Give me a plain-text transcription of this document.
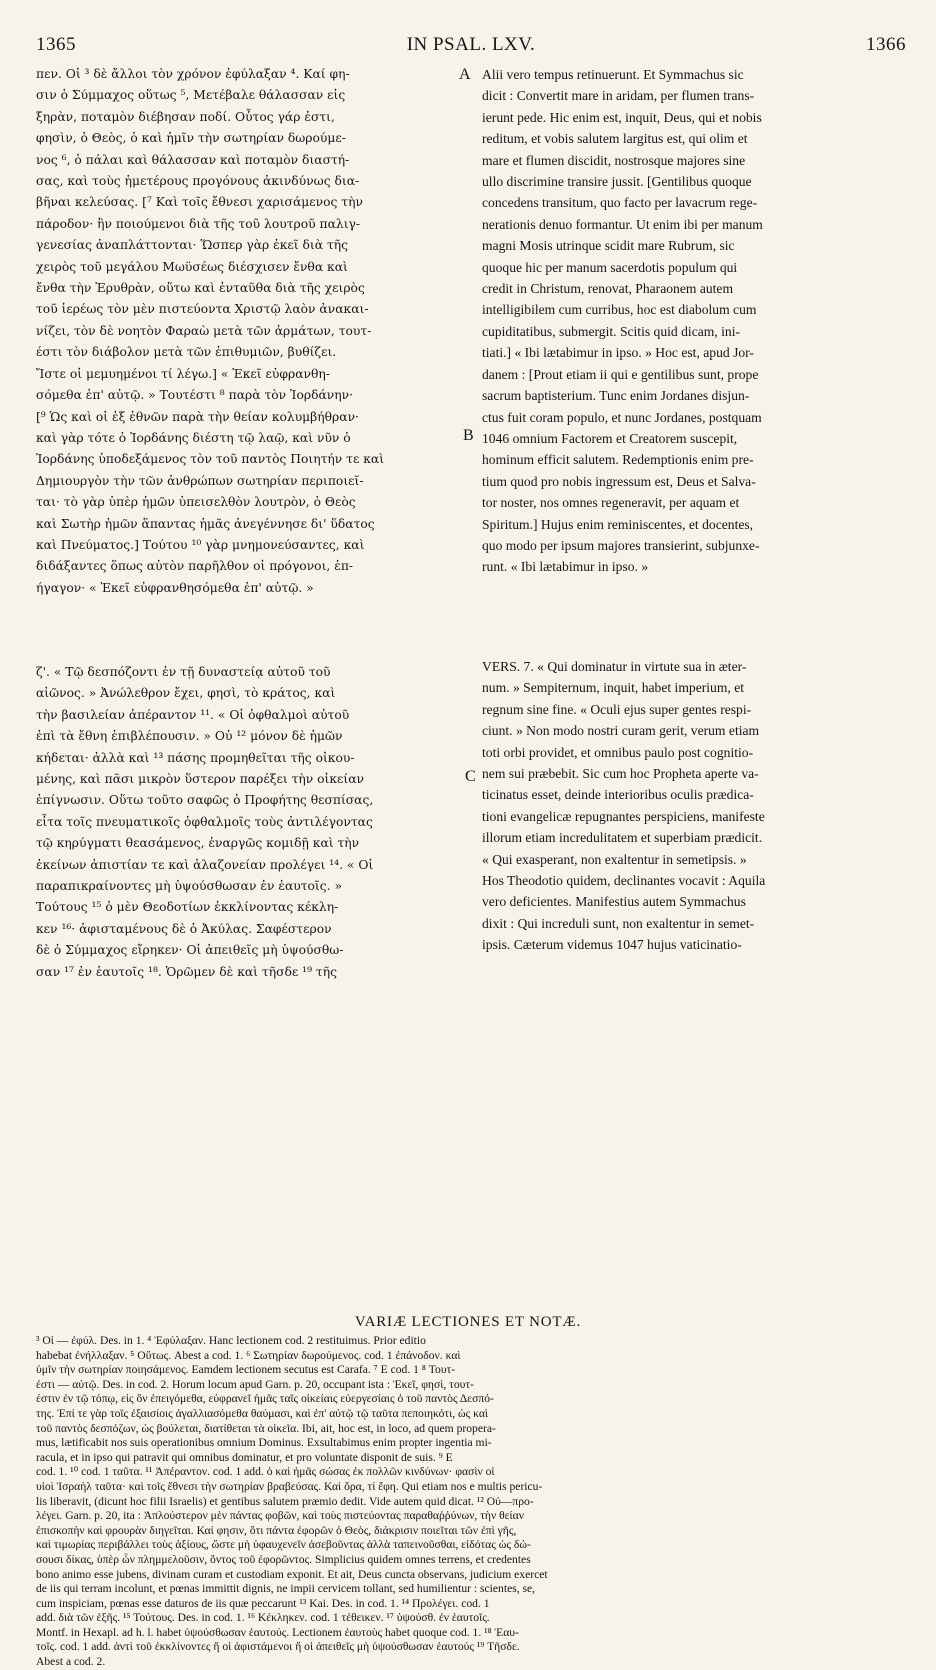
1365	IN PSAL. LXV.	1366
πεν. Οἱ ³ δὲ ἄλλοι τὸν χρόνον ἐφύλαξαν ⁴. Καί φη-
σιν ὁ Σύμμαχος οὕτως ⁵, Μετέβαλε θάλασσαν εἰς
ξηρὰν, ποταμὸν διέβησαν ποδί. Οὗτος γάρ ἐστι,
φησὶν, ὁ Θεὸς, ὁ καὶ ἡμῖν τὴν σωτηρίαν δωρούμε-
νος ⁶, ὁ πάλαι καὶ θάλασσαν καὶ ποταμὸν διαστή-
σας, καὶ τοὺς ἡμετέρους προγόνους ἀκινδύνως δια-
βῆναι κελεύσας. [⁷ Καὶ τοῖς ἔθνεσι χαρισάμενος τὴν
πάροδον· ἣν ποιούμενοι διὰ τῆς τοῦ λουτροῦ παλιγ-
γενεσίας ἀναπλάττονται· Ὥσπερ γὰρ ἐκεῖ διὰ τῆς
χειρὸς τοῦ μεγάλου Μωϋσέως διέσχισεν ἔνθα καὶ
ἔνθα τὴν Ἐρυθρὰν, οὕτω καὶ ἐνταῦθα διὰ τῆς χειρὸς
τοῦ ἱερέως τὸν μὲν πιστεύοντα Χριστῷ λαὸν ἀνακαι-
νίζει, τὸν δὲ νοητὸν Φαραὼ μετὰ τῶν ἁρμάτων, τουτ-
έστι τὸν διάβολον μετὰ τῶν ἐπιθυμιῶν, βυθίζει.
Ἴστε οἱ μεμυημένοι τί λέγω.] « Ἐκεῖ εὐφρανθη-
σόμεθα ἐπ' αὐτῷ. » Τουτέστι ⁸ παρὰ τὸν Ἰορδάνην·
[⁹ Ὡς καὶ οἱ ἐξ ἐθνῶν παρὰ τὴν θείαν κολυμβήθραν·
καὶ γὰρ τότε ὁ Ἰορδάνης διέστη τῷ λαῷ, καὶ νῦν ὁ
Ἰορδάνης ὑποδεξάμενος τὸν τοῦ παντὸς Ποιητήν τε καὶ
Δημιουργὸν τὴν τῶν ἀνθρώπων σωτηρίαν περιποιεῖ-
ται· τὸ γὰρ ὑπὲρ ἡμῶν ὑπεισελθὸν λουτρὸν, ὁ Θεὸς
καὶ Σωτὴρ ἡμῶν ἅπαντας ἡμᾶς ἀνεγέννησε δι' ὕδατος
καὶ Πνεύματος.] Τούτου ¹⁰ γὰρ μνημονεύσαντες, καὶ
διδάξαντες ὅπως αὐτὸν παρῆλθον οἱ πρόγονοι, ἐπ-
ήγαγον· « Ἐκεῖ εὐφρανθησόμεθα ἐπ' αὐτῷ. »
Alii vero tempus retinuerunt. Et Symmachus sic
dicit : Convertit mare in aridam, per flumen trans-
ierunt pede. Hic enim est, inquit, Deus, qui et nobis
reditum, et vobis salutem largitus est, qui olim et
mare et flumen discidit, nostrosque majores sine
ullo discrimine transire jussit. [Gentilibus quoque
concedens transitum, quo facto per lavacrum rege-
nerationis denuo formantur. Ut enim ibi per manum
magni Mosis utrinque scidit mare Rubrum, sic
quoque hic per manum sacerdotis populum qui
credit in Christum, renovat, Pharaonem autem
intelligibilem cum curribus, hoc est diabolum cum
cupiditatibus, submergit. Scitis quid dicam, ini-
tiati.] « Ibi lætabimur in ipso. » Hoc est, apud Jor-
danem : [Prout etiam ii qui e gentilibus sunt, prope
sacrum baptisterium. Tunc enim Jordanes disjun-
ctus fuit coram populo, et nunc Jordanes, postquam
1046 omnium Factorem et Creatorem suscepit,
hominum efficit salutem. Redemptionis enim pre-
tium quod pro nobis ingressum est, Deus et Salva-
tor noster, nos omnes regeneravit, per aquam et
Spiritum.] Hujus enim reminiscentes, et docentes,
quo modo per ipsum majores transierint, subjunxe-
runt. « Ibi lætabimur in ipso. »
A
B
C
ζ'. « Τῷ δεσπόζοντι ἐν τῇ δυναστείᾳ αὐτοῦ τοῦ
αἰῶνος. » Ἀνώλεθρον ἔχει, φησὶ, τὸ κράτος, καὶ
τὴν βασιλείαν ἀπέραντον ¹¹. « Οἱ ὀφθαλμοὶ αὐτοῦ
ἐπὶ τὰ ἔθνη ἐπιβλέπουσιν. » Οὐ ¹² μόνον δὲ ἡμῶν
κήδεται· ἀλλὰ καὶ ¹³ πάσης προμηθεῖται τῆς οἰκου-
μένης, καὶ πᾶσι μικρὸν ὕστερον παρέξει τὴν οἰκείαν
ἐπίγνωσιν. Οὕτω τοῦτο σαφῶς ὁ Προφήτης θεσπίσας,
εἶτα τοῖς πνευματικοῖς ὀφθαλμοῖς τοὺς ἀντιλέγοντας
τῷ κηρύγματι θεασάμενος, ἐναργῶς κομιδῇ καὶ τὴν
ἐκείνων ἀπιστίαν τε καὶ ἀλαζονείαν προλέγει ¹⁴. « Οἱ
παραπικραίνοντες μὴ ὑψούσθωσαν ἐν ἑαυτοῖς. »
Τούτους ¹⁵ ὁ μὲν Θεοδοτίων ἐκκλίνοντας κέκλη-
κεν ¹⁶· ἀφισταμένους δὲ ὁ Ἀκύλας. Σαφέστερον
δὲ ὁ Σύμμαχος εἴρηκεν· Οἱ ἀπειθεῖς μὴ ὑψούσθω-
σαν ¹⁷ ἐν ἑαυτοῖς ¹⁸. Ὁρῶμεν δὲ καὶ τῆσδε ¹⁹ τῆς
VERS. 7. « Qui dominatur in virtute sua in æter-
num. » Sempiternum, inquit, habet imperium, et
regnum sine fine. « Oculi ejus super gentes respi-
ciunt. » Non modo nostri curam gerit, verum etiam
toti orbi providet, et omnibus paulo post cognitio-
nem sui præbebit. Sic cum hoc Propheta aperte va-
ticinatus esset, deinde interioribus oculis prædica-
tioni evangelicæ repugnantes perspiciens, manifeste
illorum etiam incredulitatem et superbiam prædicit.
« Qui exasperant, non exaltentur in semetipsis. »
Hos Theodotio quidem, declinantes vocavit : Aquila
vero deficientes. Manifestius autem Symmachus
dixit : Qui increduli sunt, non exaltentur in semet-
ipsis. Cæterum videmus 1047 hujus vaticinatio-
VARIÆ LECTIONES ET NOTÆ.
³ Οἱ — ἐφύλ. Des. in 1. ⁴ Ἐφύλαξαν. Hanc lectionem cod. 2 restituimus. Prior editio
habebat ἐνήλλαξαν. ⁵ Οὕτως. Abest a cod. 1. ⁶ Σωτηρίαν δωρούμενος. cod. 1 ἐπάνοδον. καὶ
ὑμῖν τὴν σωτηρίαν ποιησάμενος. Eamdem lectionem secutus est Carafa. ⁷ E cod. 1 ⁸ Τουτ-
έστι — αὐτῷ. Des. in cod. 2. Horum locum apud Garn. p. 20, occupant ista : Ἐκεῖ, φησὶ, τουτ-
έστιν ἐν τῷ τόπῳ, εἰς ὃν ἐπειγόμεθα, εὐφρανεῖ ἡμᾶς ταῖς οἰκείαις εὐεργεσίαις ὁ τοῦ παντὸς Δεσπό-
της. Ἐπί τε γὰρ τοῖς ἐξαισίοις ἀγαλλιασόμεθα θαύμασι, καὶ ἐπ' αὐτῷ τῷ ταῦτα πεποιηκότι, ὡς καὶ
τοῦ παντὸς δεσπόζων, ὡς βούλεται, διατίθεται τὰ οἰκεῖα. Ibi, ait, hoc est, in loco, ad quem propera-
mus, lætificabit nos suis operationibus omnium Dominus. Exsultabimus enim propter ingentia mi-
racula, et in ipso qui patravit qui omnibus dominatur, et pro voluntate disponit de suis. ⁹ E
cod. 1. ¹⁰ cod. 1 ταῦτα. ¹¹ Ἀπέραντον. cod. 1 add. ὁ καὶ ἡμᾶς σώσας ἐκ πολλῶν κινδύνων· φασὶν οἱ
υἱοὶ Ἰσραὴλ ταῦτα· καὶ τοῖς ἔθνεσι τὴν σωτηρίαν βραβεύσας. Καὶ ὅρα, τί ἔφη. Qui etiam nos e multis pericu-
lis liberavit, (dicunt hoc filii Israelis) et gentibus salutem præmio dedit. Vide autem quid dicat. ¹² Οὐ—προ-
λέγει. Garn. p. 20, ita : Ἁπλούστερον μὲν πάντας φοβῶν, καὶ τοὺς πιστεύοντας παραθαῤῥύνων, τὴν θείαν
ἐπισκοπὴν καὶ φρουρὰν διηγεῖται. Καί φησιν, ὅτι πάντα ἐφορῶν ὁ Θεὸς, διάκρισιν ποιεῖται τῶν ἐπὶ γῆς,
καὶ τιμωρίας περιβάλλει τοὺς ἀξίους, ὥστε μὴ ὑφαυχενεῖν ἀσεβοῦντας ἀλλὰ ταπεινοῦσθαι, εἰδότας ὡς δώ-
σουσι δίκας, ὑπὲρ ὧν πλημμελοῦσιν, ὄντος τοῦ ἐφορῶντος. Simplicius quidem omnes terrens, et credentes
bono animo esse jubens, divinam curam et custodiam exponit. Et ait, Deus cuncta observans, judicium exercet
de iis qui terram incolunt, et pœnas immittit dignis, ne impii cervicem tollant, sed humilientur : scientes, se,
cum inspiciam, pœnas esse daturos de iis quæ peccarunt ¹³ Kai. Des. in cod. 1. ¹⁴ Προλέγει. cod. 1
add. διὰ τῶν ἑξῆς. ¹⁵ Τούτους. Des. in cod. 1. ¹⁶ Κέκληκεν. cod. 1 τέθεικεν. ¹⁷ ὑψούσθ. ἐν ἑαυτοῖς.
Montf. in Hexapl. ad h. l. habet ὑψούσθωσαν ἑαυτούς. Lectionem ἑαυτοὺς habet quoque cod. 1. ¹⁸ Ἑαυ-
τοῖς. cod. 1 add. ἀντὶ τοῦ ἐκκλίνοντες ἤ οἱ ἀφιστάμενοι ἤ οἱ ἀπειθεῖς μὴ ὑψούσθωσαν ἑαυτούς ¹⁹ Τῆσδε.
Abest a cod. 2.
